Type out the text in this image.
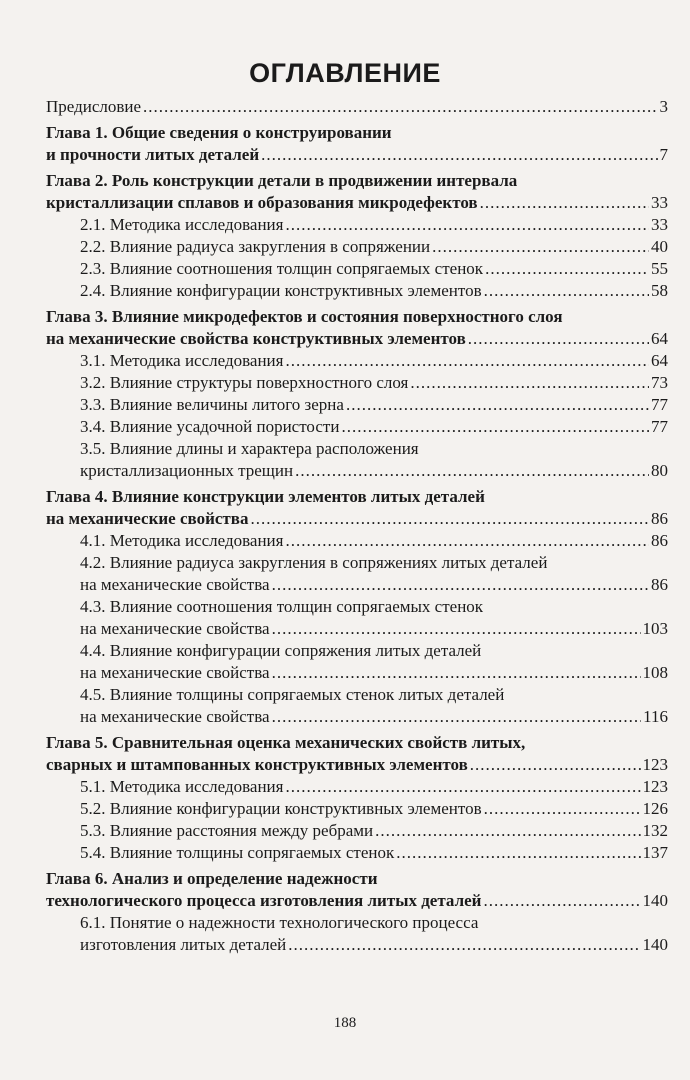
ОГЛАВЛЕНИЕ
Предисловие .....	3
Глава 1. Общие сведения о конструировании
и прочности литых деталей .....	7
Глава 2. Роль конструкции детали в продвижении интервала
кристаллизации сплавов и образования микродефектов .....	33
2.1. Методика исследования .....	33
2.2. Влияние радиуса закругления в сопряжении .....	40
2.3. Влияние соотношения толщин сопрягаемых стенок .....	55
2.4. Влияние конфигурации конструктивных элементов .....	58
Глава 3. Влияние микродефектов и состояния поверхностного слоя
на механические свойства конструктивных элементов .....	64
3.1. Методика исследования .....	64
3.2. Влияние структуры поверхностного слоя .....	73
3.3. Влияние величины литого зерна .....	77
3.4. Влияние усадочной пористости .....	77
3.5. Влияние длины и характера расположения
кристаллизационных трещин .....	80
Глава 4. Влияние конструкции элементов литых деталей
на механические свойства .....	86
4.1. Методика исследования .....	86
4.2. Влияние радиуса закругления в сопряжениях литых деталей
на механические свойства .....	86
4.3. Влияние соотношения толщин сопрягаемых стенок
на механические свойства .....	103
4.4. Влияние конфигурации сопряжения литых деталей
на механические свойства .....	108
4.5. Влияние толщины сопрягаемых стенок литых деталей
на механические свойства .....	116
Глава 5. Сравнительная оценка механических свойств литых,
сварных и штампованных конструктивных элементов .....	123
5.1. Методика исследования .....	123
5.2. Влияние конфигурации конструктивных элементов .....	126
5.3. Влияние расстояния между ребрами .....	132
5.4. Влияние толщины сопрягаемых стенок .....	137
Глава 6. Анализ и определение надежности
технологического процесса изготовления литых деталей .....	140
6.1. Понятие о надежности технологического процесса
изготовления литых деталей .....	140
188
